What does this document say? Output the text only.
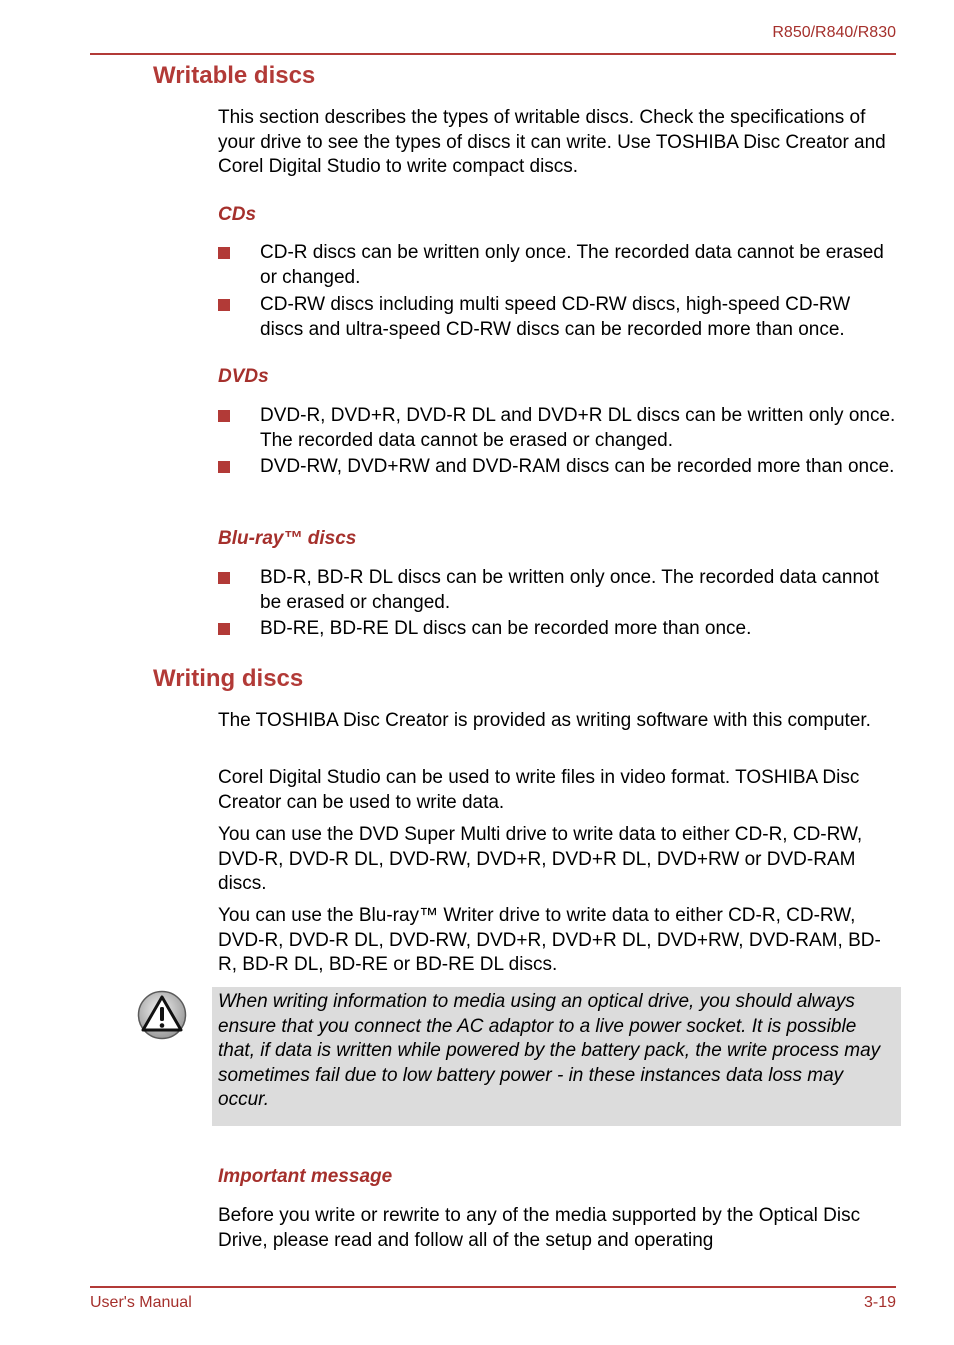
R850/R840/R830
Writable discs
This section describes the types of writable discs. Check the specifications of your drive to see the types of discs it can write. Use TOSHIBA Disc Creator and Corel Digital Studio to write compact discs.
CDs
CD-R discs can be written only once. The recorded data cannot be erased or changed.
CD-RW discs including multi speed CD-RW discs, high-speed CD-RW discs and ultra-speed CD-RW discs can be recorded more than once.
DVDs
DVD-R, DVD+R, DVD-R DL and DVD+R DL discs can be written only once. The recorded data cannot be erased or changed.
DVD-RW, DVD+RW and DVD-RAM discs can be recorded more than once.
Blu-ray™ discs
BD-R, BD-R DL discs can be written only once. The recorded data cannot be erased or changed.
BD-RE, BD-RE DL discs can be recorded more than once.
Writing discs
The TOSHIBA Disc Creator is provided as writing software with this computer.
Corel Digital Studio can be used to write files in video format. TOSHIBA Disc Creator can be used to write data.
You can use the DVD Super Multi drive to write data to either CD-R, CD-RW, DVD-R, DVD-R DL, DVD-RW, DVD+R, DVD+R DL, DVD+RW or DVD-RAM discs.
You can use the Blu-ray™ Writer drive to write data to either CD-R, CD-RW, DVD-R, DVD-R DL, DVD-RW, DVD+R, DVD+R DL, DVD+RW, DVD-RAM, BD-R, BD-R DL, BD-RE or BD-RE DL discs.
When writing information to media using an optical drive, you should always ensure that you connect the AC adaptor to a live power socket. It is possible that, if data is written while powered by the battery pack, the write process may sometimes fail due to low battery power - in these instances data loss may occur.
Important message
Before you write or rewrite to any of the media supported by the Optical Disc Drive, please read and follow all of the setup and operating
User's Manual	3-19
